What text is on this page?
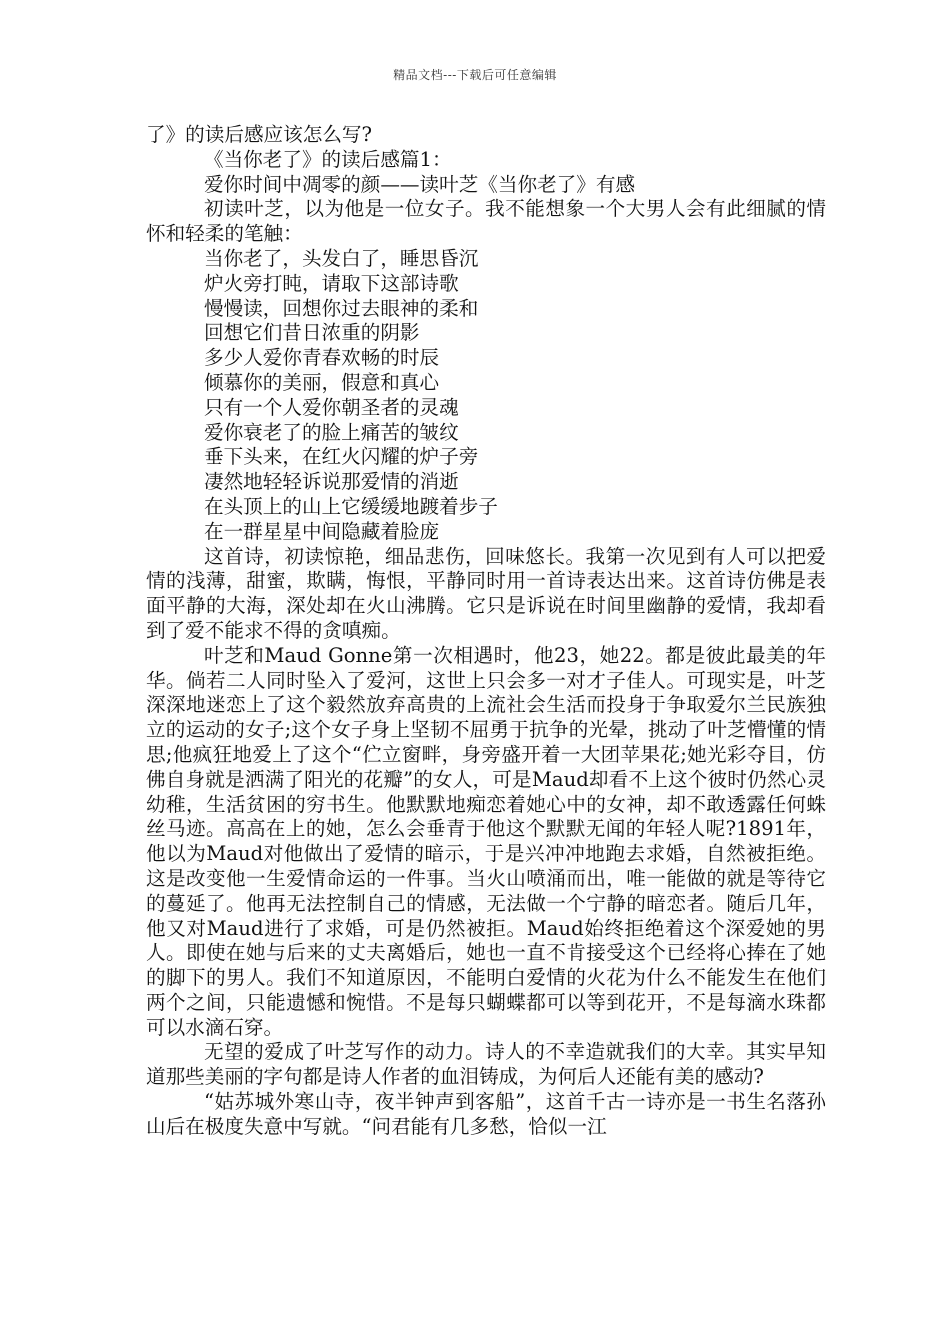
精品文档---下载后可任意编辑

了》的读后感应该怎么写?

《当你老了》的读后感篇1：

爱你时间中凋零的颜——读叶芝《当你老了》有感

初读叶芝，以为他是一位女子。我不能想象一个大男人会有此细腻的情怀和轻柔的笔触：

当你老了，头发白了，睡思昏沉

炉火旁打盹，请取下这部诗歌

慢慢读，回想你过去眼神的柔和

回想它们昔日浓重的阴影

多少人爱你青春欢畅的时辰

倾慕你的美丽，假意和真心

只有一个人爱你朝圣者的灵魂

爱你衰老了的脸上痛苦的皱纹

垂下头来，在红火闪耀的炉子旁

凄然地轻轻诉说那爱情的消逝

在头顶上的山上它缓缓地踱着步子

在一群星星中间隐藏着脸庞

这首诗，初读惊艳，细品悲伤，回味悠长。我第一次见到有人可以把爱情的浅薄，甜蜜，欺瞒，悔恨，平静同时用一首诗表达出来。这首诗仿佛是表面平静的大海，深处却在火山沸腾。它只是诉说在时间里幽静的爱情，我却看到了爱不能求不得的贪嗔痴。

叶芝和Maud Gonne第一次相遇时，他23，她22。都是彼此最美的年华。倘若二人同时坠入了爱河，这世上只会多一对才子佳人。可现实是，叶芝深深地迷恋上了这个毅然放弃高贵的上流社会生活而投身于争取爱尔兰民族独立的运动的女子;这个女子身上坚韧不屈勇于抗争的光晕，挑动了叶芝懵懂的情思;他疯狂地爱上了这个“伫立窗畔，身旁盛开着一大团苹果花;她光彩夺目，仿佛自身就是洒满了阳光的花瓣”的女人，可是Maud却看不上这个彼时仍然心灵幼稚，生活贫困的穷书生。他默默地痴恋着她心中的女神，却不敢透露任何蛛丝马迹。高高在上的她，怎么会垂青于他这个默默无闻的年轻人呢?1891年，他以为Maud对他做出了爱情的暗示，于是兴冲冲地跑去求婚，自然被拒绝。这是改变他一生爱情命运的一件事。当火山喷涌而出，唯一能做的就是等待它的蔓延了。他再无法控制自己的情感，无法做一个宁静的暗恋者。随后几年，他又对Maud进行了求婚，可是仍然被拒。Maud始终拒绝着这个深爱她的男人。即使在她与后来的丈夫离婚后，她也一直不肯接受这个已经将心捧在了她的脚下的男人。我们不知道原因，不能明白爱情的火花为什么不能发生在他们两个之间，只能遗憾和惋惜。不是每只蝴蝶都可以等到花开，不是每滴水珠都可以水滴石穿。

无望的爱成了叶芝写作的动力。诗人的不幸造就我们的大幸。其实早知道那些美丽的字句都是诗人作者的血泪铸成，为何后人还能有美的感动?

“姑苏城外寒山寺，夜半钟声到客船”，这首千古一诗亦是一书生名落孙山后在极度失意中写就。“问君能有几多愁，恰似一江
